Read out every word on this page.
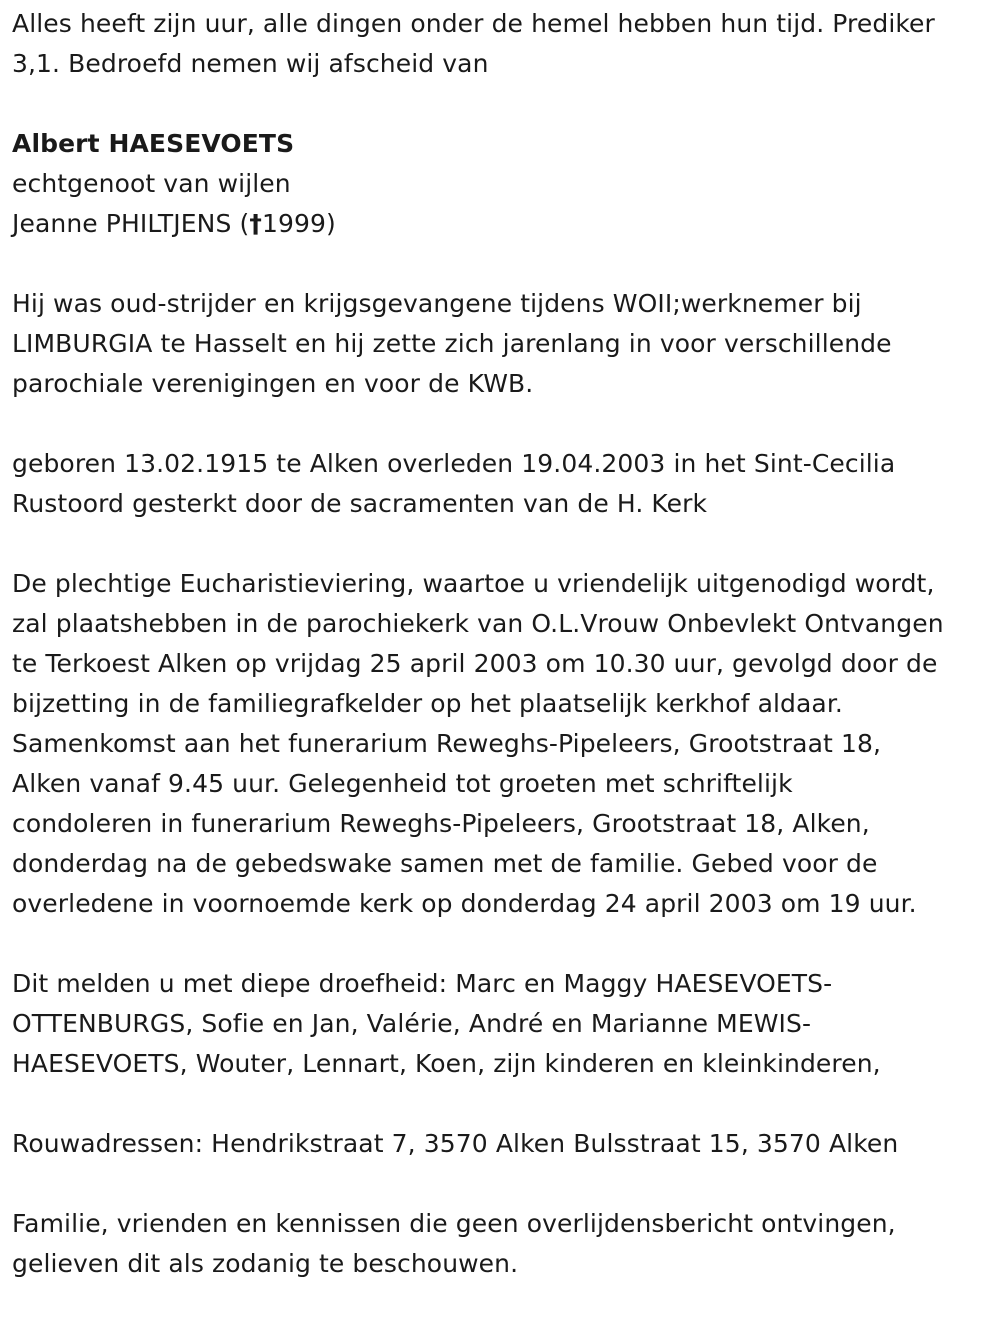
Alles heeft zijn uur, alle dingen onder de hemel hebben hun tijd. Prediker

3,1. Bedroefd nemen wij afscheid van

Albert HAESEVOETS

echtgenoot van wijlen

Jeanne PHILTJENS (†1999)

Hij was oud-strijder en krijgsgevangene tijdens WOII;werknemer bij

LIMBURGIA te Hasselt en hij zette zich jarenlang in voor verschillende

parochiale verenigingen en voor de KWB.

geboren 13.02.1915 te Alken overleden 19.04.2003 in het Sint-Cecilia

Rustoord gesterkt door de sacramenten van de H. Kerk

De plechtige Eucharistieviering, waartoe u vriendelijk uitgenodigd wordt,

zal plaatshebben in de parochiekerk van O.L.Vrouw Onbevlekt Ontvangen

te Terkoest Alken op vrijdag 25 april 2003 om 10.30 uur, gevolgd door de

bijzetting in de familiegrafkelder op het plaatselijk kerkhof aldaar.

Samenkomst aan het funerarium Reweghs-Pipeleers, Grootstraat 18,

Alken vanaf 9.45 uur. Gelegenheid tot groeten met schriftelijk

condoleren in funerarium Reweghs-Pipeleers, Grootstraat 18, Alken,

donderdag na de gebedswake samen met de familie. Gebed voor de

overledene in voornoemde kerk op donderdag 24 april 2003 om 19 uur.

Dit melden u met diepe droefheid: Marc en Maggy HAESEVOETS-

OTTENBURGS, Sofie en Jan, Valérie, André en Marianne MEWIS-

HAESEVOETS, Wouter, Lennart, Koen, zijn kinderen en kleinkinderen,

Rouwadressen: Hendrikstraat 7, 3570 Alken Bulsstraat 15, 3570 Alken

Familie, vrienden en kennissen die geen overlijdensbericht ontvingen,

gelieven dit als zodanig te beschouwen.
